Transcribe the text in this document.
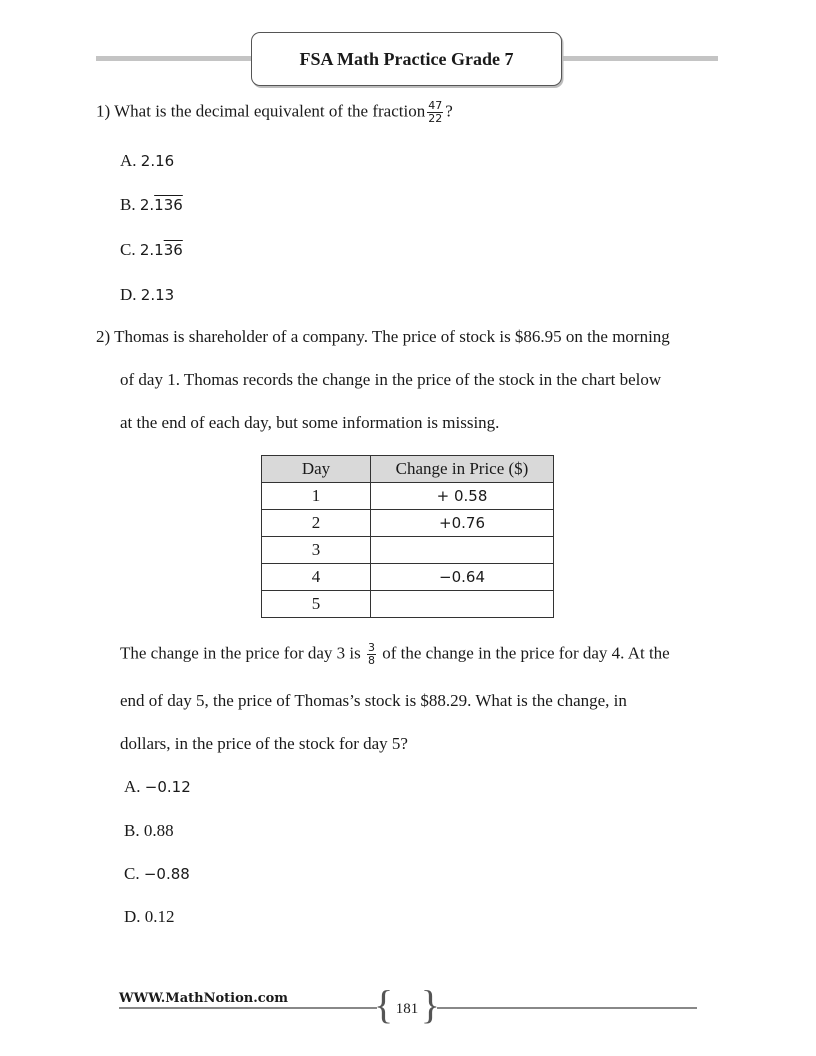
FSA Math Practice Grade 7
1) What is the decimal equivalent of the fraction $\frac{47}{22}$ ?
A. 2.16
B. 2.136
C. 2.136
D. 2.13
2) Thomas is shareholder of a company. The price of stock is $86.95 on the morning
of day 1. Thomas records the change in the price of the stock in the chart below
at the end of each day, but some information is missing.
Day	Change in Price ($)
1	+ 0.58
2	+0.76
3	
4	−0.64
5	
The change in the price for day 3 is $\frac{3}{8}$ of the change in the price for day 4. At the
end of day 5, the price of Thomas’s stock is $88.29. What is the change, in
dollars, in the price of the stock for day 5?
A. −0.12
B. 0.88
C. −0.88
D. 0.12
WWW.MathNotion.com { 181 }
